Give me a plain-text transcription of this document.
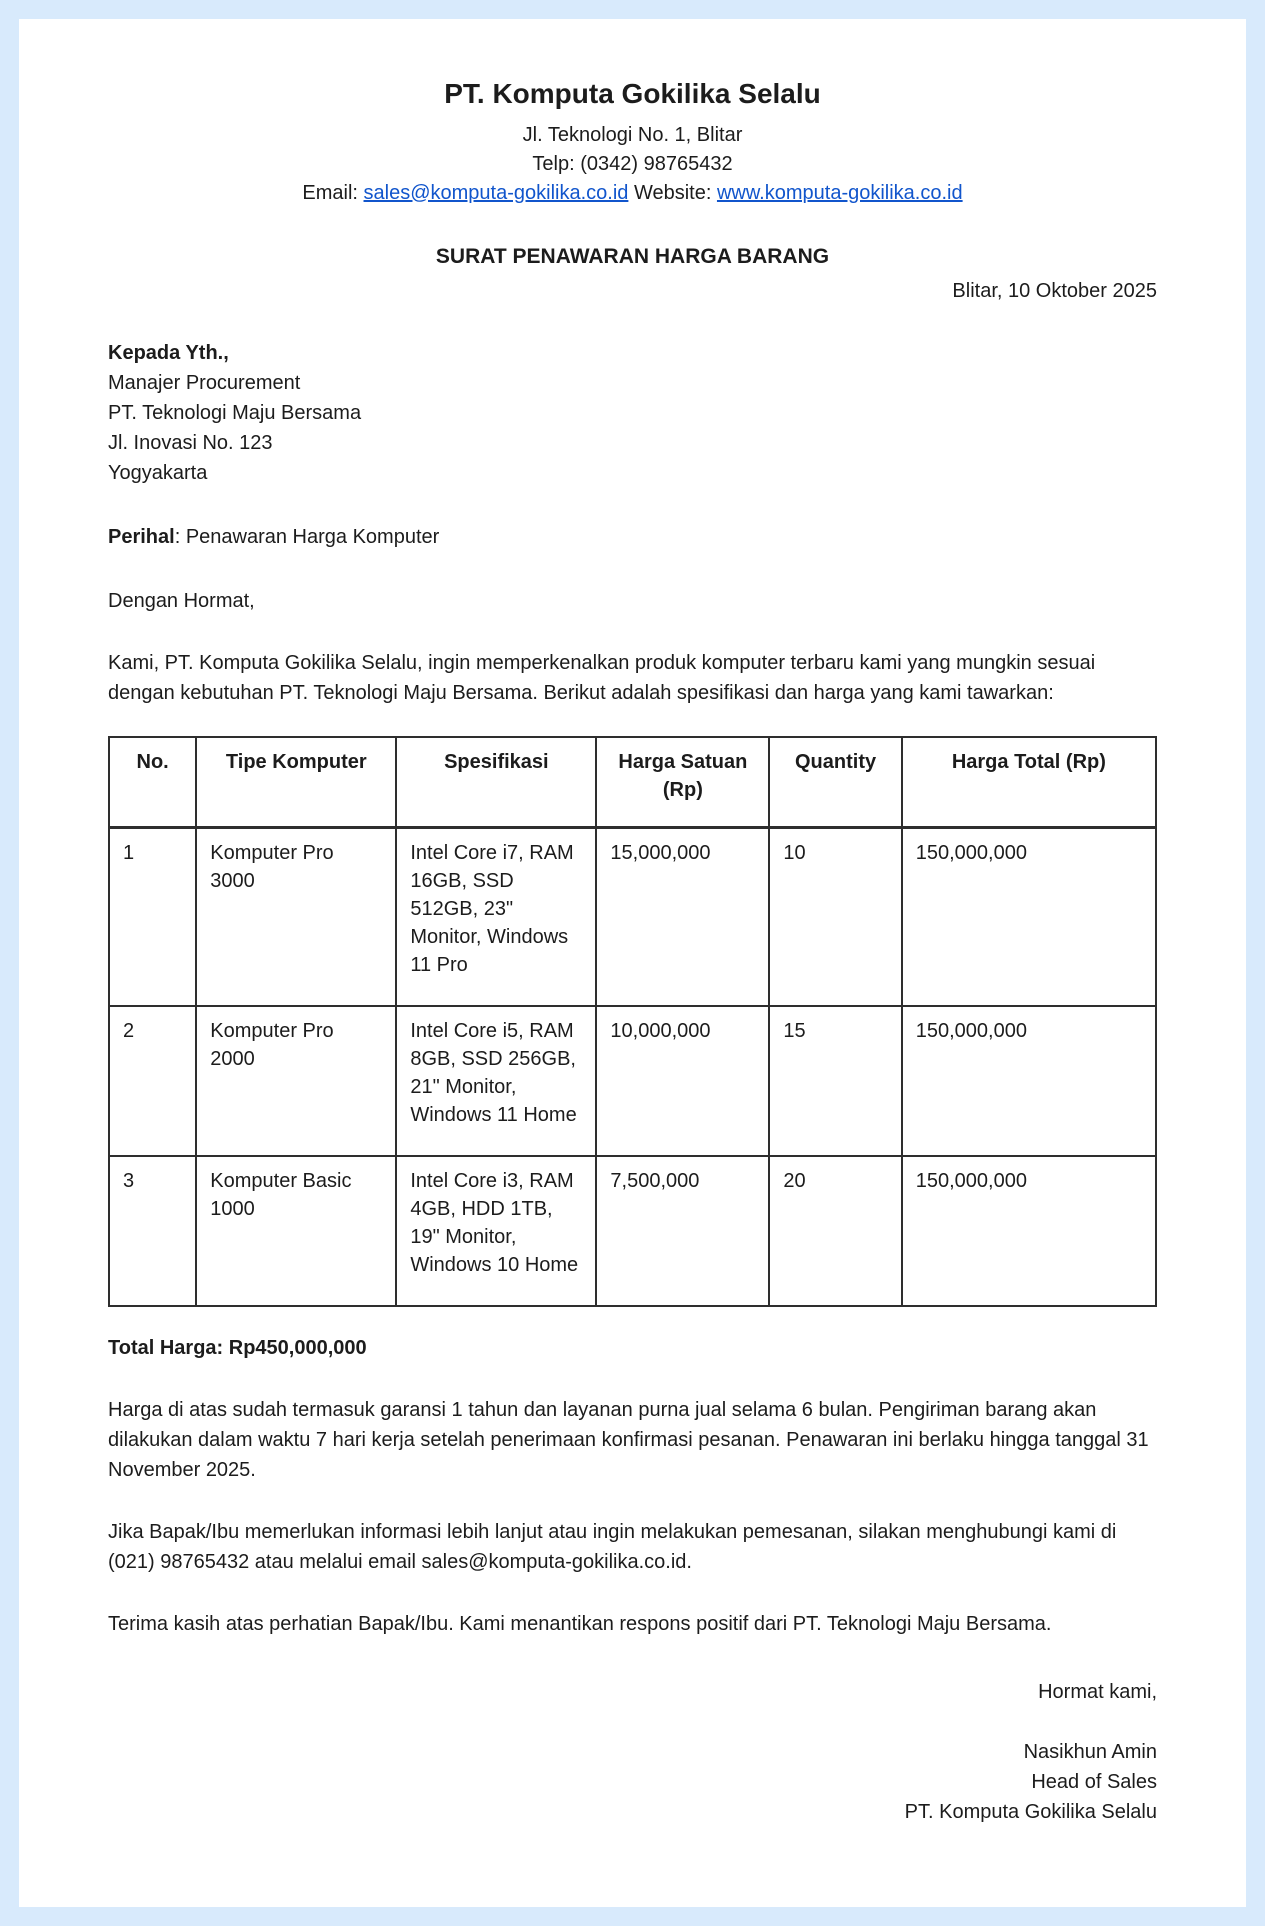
PT. Komputa Gokilika Selalu

Jl. Teknologi No. 1, Blitar

Telp: (0342) 98765432

Email: sales@komputa-gokilika.co.id Website: www.komputa-gokilika.co.id

SURAT PENAWARAN HARGA BARANG
Blitar, 10 Oktober 2025

Kepada Yth.,

Manajer Procurement

PT. Teknologi Maju Bersama

Jl. Inovasi No. 123

Yogyakarta

Perihal: Penawaran Harga Komputer
Dengan Hormat,
Kami, PT. Komputa Gokilika Selalu, ingin memperkenalkan produk komputer terbaru kami yang mungkin sesuai dengan kebutuhan PT. Teknologi Maju Bersama. Berikut adalah spesifikasi dan harga yang kami tawarkan:
No.	Tipe Komputer	Spesifikasi	Harga Satuan (Rp)	Quantity	Harga Total (Rp)
1	Komputer Pro 3000	Intel Core i7, RAM 16GB, SSD 512GB, 23" Monitor, Windows 11 Pro	15,000,000	10	150,000,000
2	Komputer Pro 2000	Intel Core i5, RAM 8GB, SSD 256GB, 21" Monitor, Windows 11 Home	10,000,000	15	150,000,000
3	Komputer Basic 1000	Intel Core i3, RAM 4GB, HDD 1TB, 19" Monitor, Windows 10 Home	7,500,000	20	150,000,000
Total Harga: Rp450,000,000
Harga di atas sudah termasuk garansi 1 tahun dan layanan purna jual selama 6 bulan. Pengiriman barang akan dilakukan dalam waktu 7 hari kerja setelah penerimaan konfirmasi pesanan. Penawaran ini berlaku hingga tanggal 31 November 2025.
Jika Bapak/Ibu memerlukan informasi lebih lanjut atau ingin melakukan pemesanan, silakan menghubungi kami di (021) 98765432 atau melalui email sales@komputa-gokilika.co.id.
Terima kasih atas perhatian Bapak/Ibu. Kami menantikan respons positif dari PT. Teknologi Maju Bersama.
Hormat kami,

Nasikhun Amin

Head of Sales

PT. Komputa Gokilika Selalu
